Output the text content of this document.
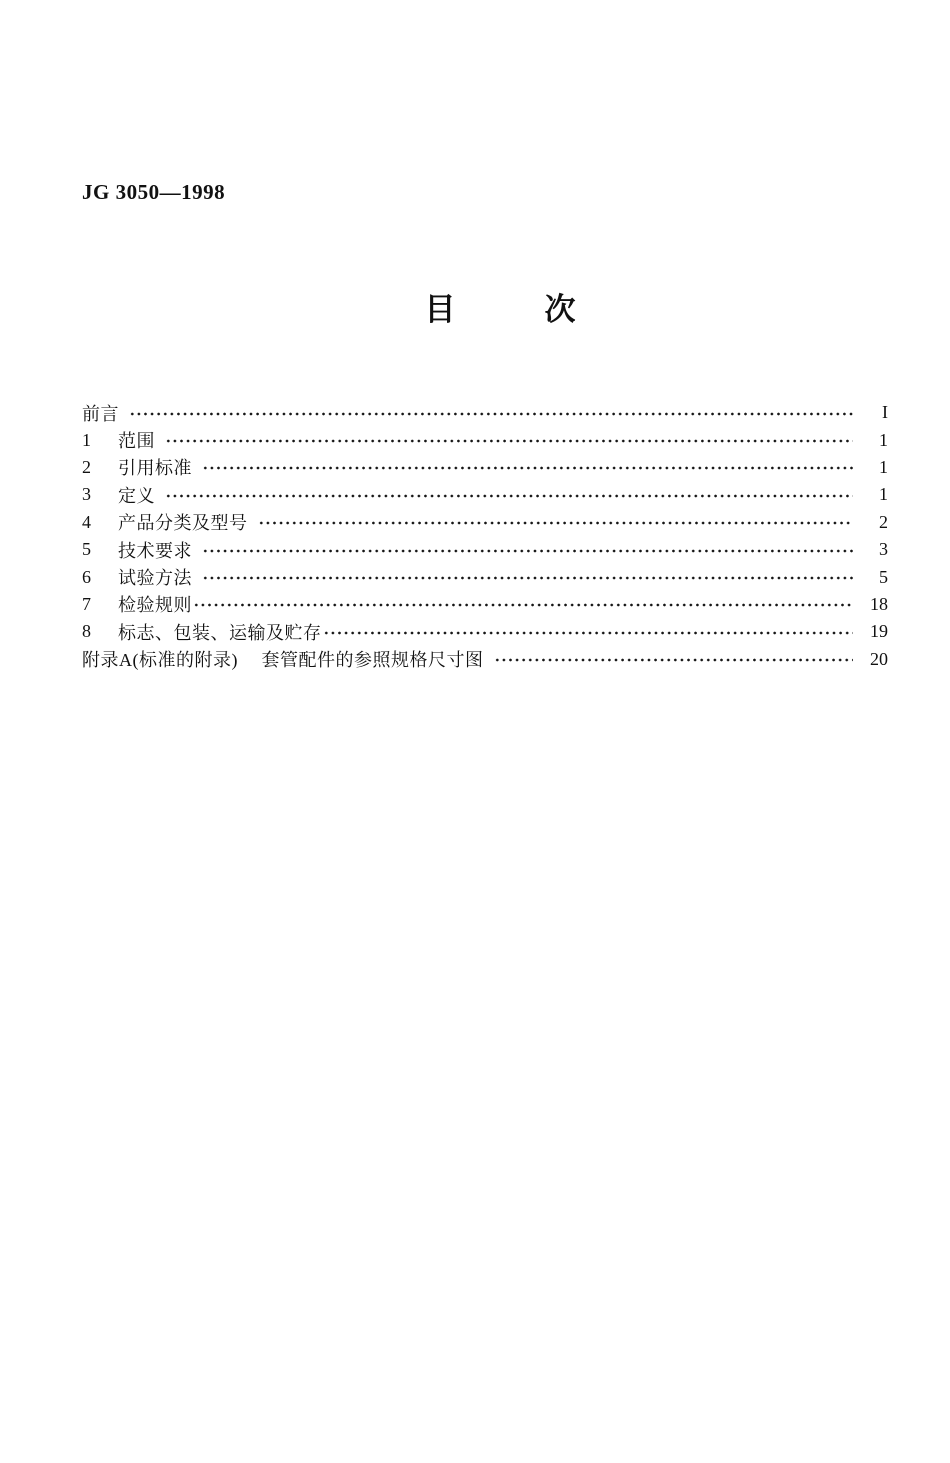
JG 3050—1998
目	次
前言	I
1	范围	1
2	引用标准	1
3	定义	1
4	产品分类及型号	2
5	技术要求	3
6	试验方法	5
7	检验规则	18
8	标志、包装、运输及贮存	19
附录A(标准的附录)　 套管配件的参照规格尺寸图	20
